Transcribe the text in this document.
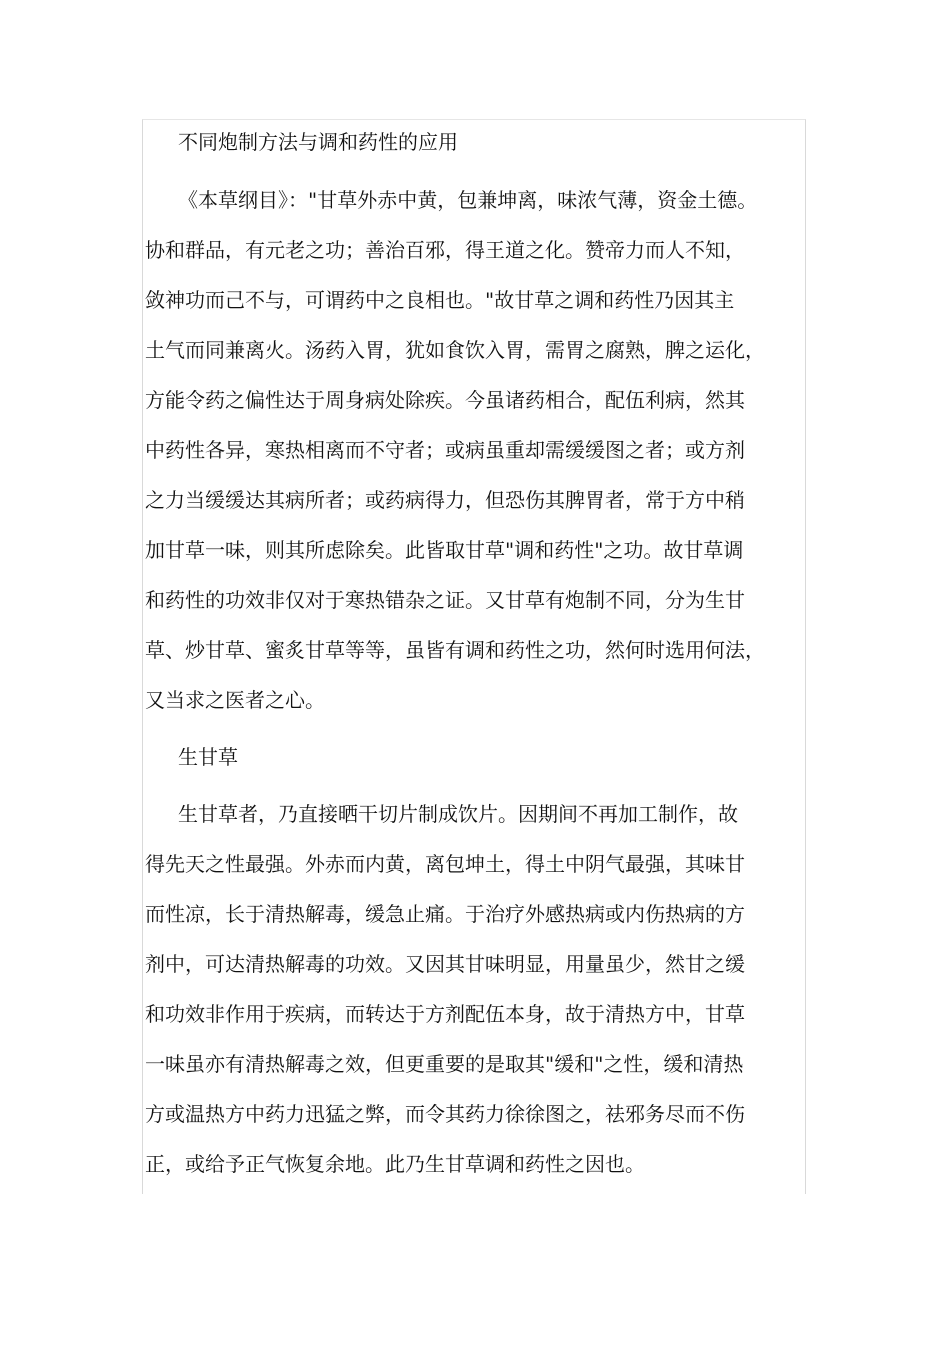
不同炮制方法与调和药性的应用
《本草纲目》："甘草外赤中黄，包兼坤离，味浓气薄，资金土德。
协和群品，有元老之功；善治百邪，得王道之化。赞帝力而人不知，
敛神功而己不与，可谓药中之良相也。"故甘草之调和药性乃因其主
土气而同兼离火。汤药入胃，犹如食饮入胃，需胃之腐熟，脾之运化，
方能令药之偏性达于周身病处除疾。今虽诸药相合，配伍利病，然其
中药性各异，寒热相离而不守者；或病虽重却需缓缓图之者；或方剂
之力当缓缓达其病所者；或药病得力，但恐伤其脾胃者，常于方中稍
加甘草一味，则其所虑除矣。此皆取甘草"调和药性"之功。故甘草调
和药性的功效非仅对于寒热错杂之证。又甘草有炮制不同，分为生甘
草、炒甘草、蜜炙甘草等等，虽皆有调和药性之功，然何时选用何法，
又当求之医者之心。
生甘草
生甘草者，乃直接晒干切片制成饮片。因期间不再加工制作，故
得先天之性最强。外赤而内黄，离包坤土，得土中阴气最强，其味甘
而性凉，长于清热解毒，缓急止痛。于治疗外感热病或内伤热病的方
剂中，可达清热解毒的功效。又因其甘味明显，用量虽少，然甘之缓
和功效非作用于疾病，而转达于方剂配伍本身，故于清热方中，甘草
一味虽亦有清热解毒之效，但更重要的是取其"缓和"之性，缓和清热
方或温热方中药力迅猛之弊，而令其药力徐徐图之，祛邪务尽而不伤
正，或给予正气恢复余地。此乃生甘草调和药性之因也。
